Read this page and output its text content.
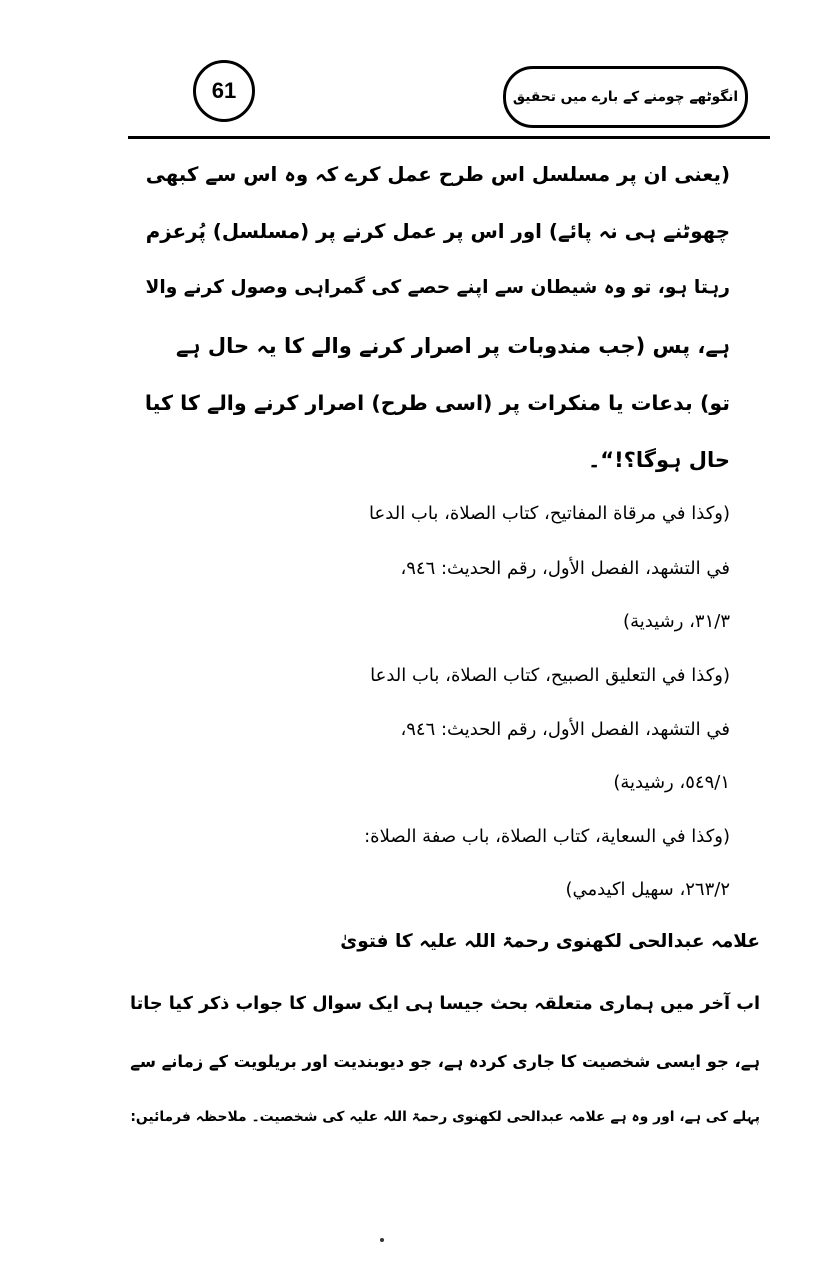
61	انگوٹھے چومنے کے بارے میں تحقیق
(یعنی ان پر مسلسل اس طرح عمل کرے کہ وہ اس سے کبھی
چھوٹنے ہی نہ پائے) اور اس پر عمل کرنے پر (مسلسل) پُرعزم
رہتا ہو، تو وہ شیطان سے اپنے حصے کی گمراہی وصول کرنے والا
ہے، پس (جب مندوبات پر اصرار کرنے والے کا یہ حال ہے
تو) بدعات یا منکرات پر (اسی طرح) اصرار کرنے والے کا کیا
حال ہوگا؟!“۔
(وكذا في مرقاة المفاتيح، كتاب الصلاة، باب الدعا
في التشهد، الفصل الأول، رقم الحديث: ٩٤٦،
٣١/٣، رشيدية)
(وكذا في التعليق الصبيح، كتاب الصلاة، باب الدعا
في التشهد، الفصل الأول، رقم الحديث: ٩٤٦،
٥٤٩/١، رشيدية)
(وكذا في السعاية، كتاب الصلاة، باب صفة الصلاة:
٢٦٣/٢، سهيل اكيدمي)
علامہ عبدالحی لکھنوی رحمۃ اللہ علیہ کا فتویٰ
اب آخر میں ہماری متعلقہ بحث جیسا ہی ایک سوال کا جواب ذکر کیا جاتا
ہے، جو ایسی شخصیت کا جاری کردہ ہے، جو دیوبندیت اور بریلویت کے زمانے سے
پہلے کی ہے، اور وہ ہے علامہ عبدالحی لکھنوی رحمۃ اللہ علیہ کی شخصیت۔ ملاحظہ فرمائیں:
